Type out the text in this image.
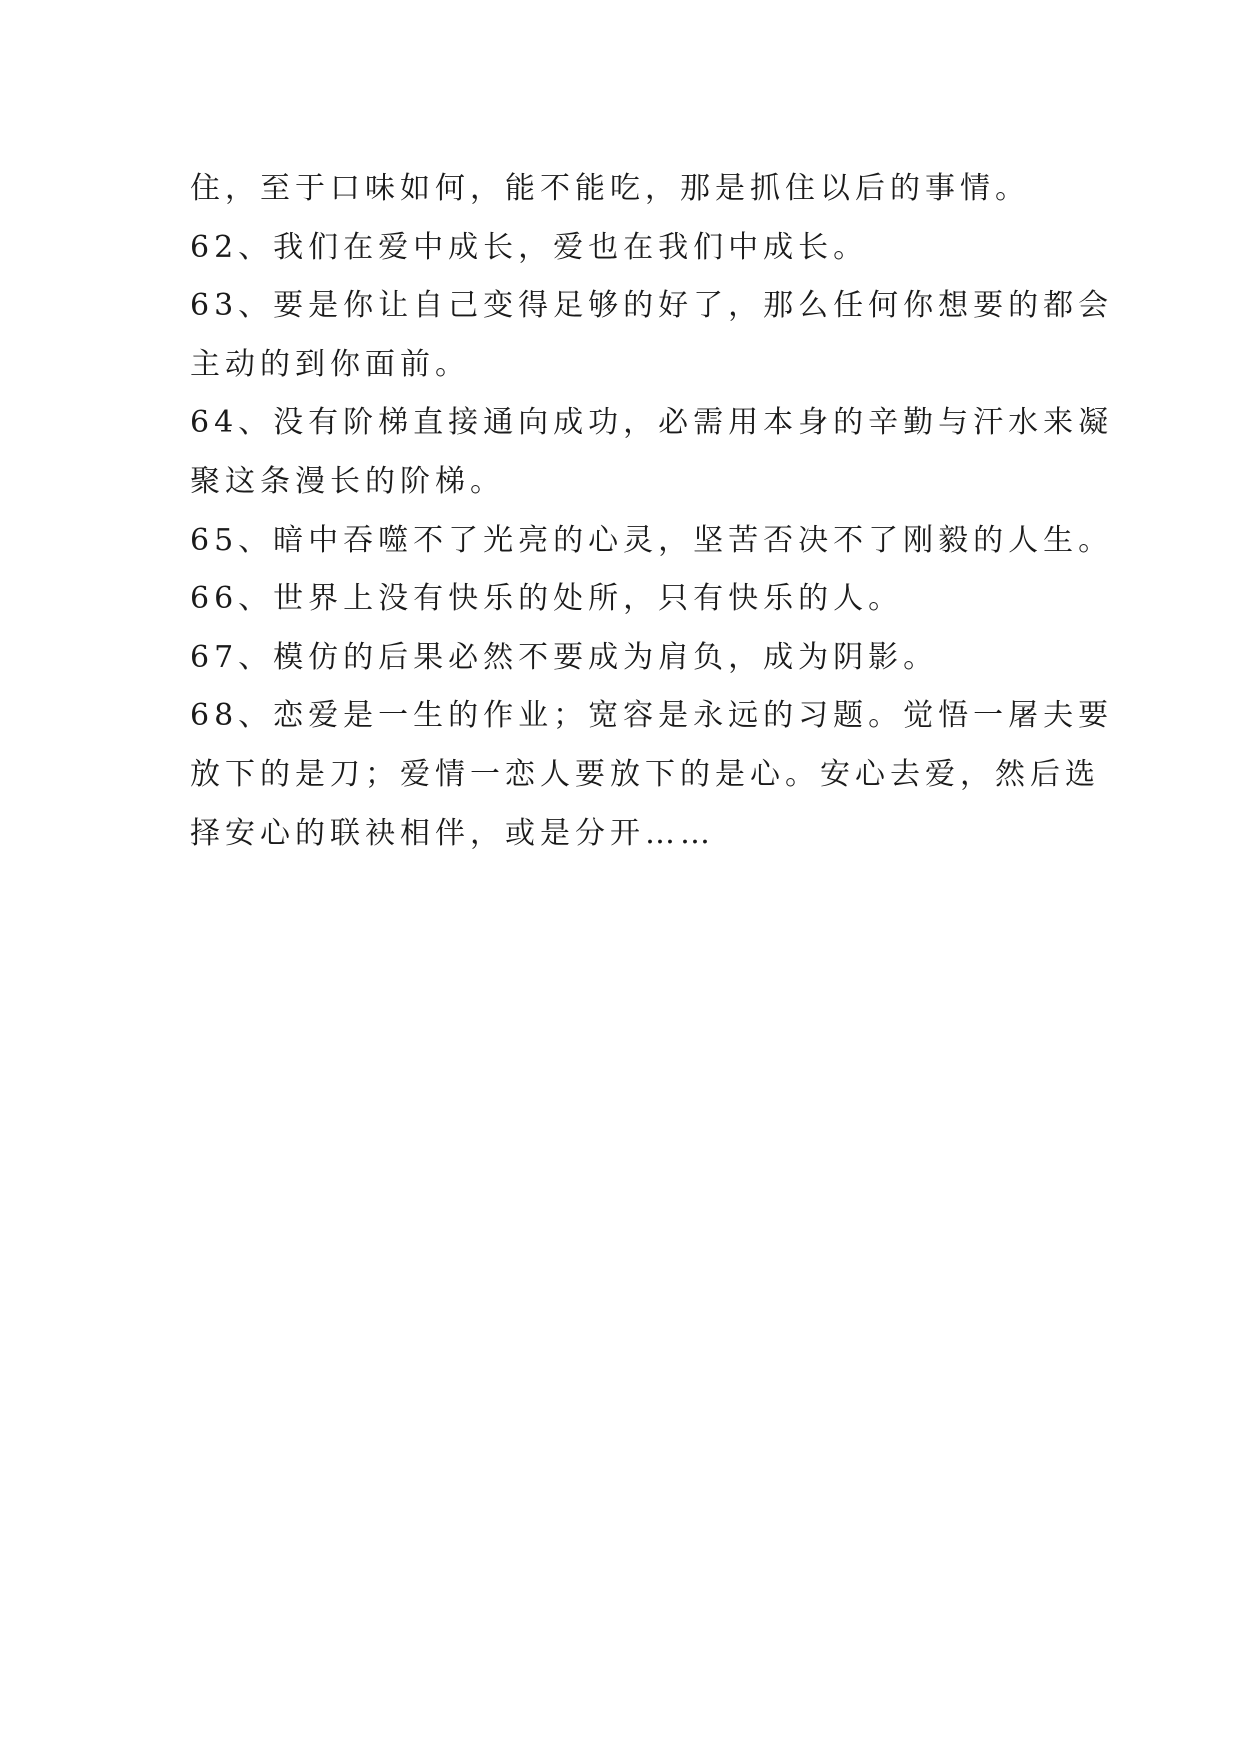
住，至于口味如何，能不能吃，那是抓住以后的事情。
62、我们在爱中成长，爱也在我们中成长。
63、要是你让自己变得足够的好了，那么任何你想要的都会
主动的到你面前。
64、没有阶梯直接通向成功，必需用本身的辛勤与汗水来凝
聚这条漫长的阶梯。
65、暗中吞噬不了光亮的心灵，坚苦否决不了刚毅的人生。
66、世界上没有快乐的处所，只有快乐的人。
67、模仿的后果必然不要成为肩负，成为阴影。
68、恋爱是一生的作业；宽容是永远的习题。觉悟一屠夫要
放下的是刀；爱情一恋人要放下的是心。安心去爱，然后选
择安心的联袂相伴，或是分开……
